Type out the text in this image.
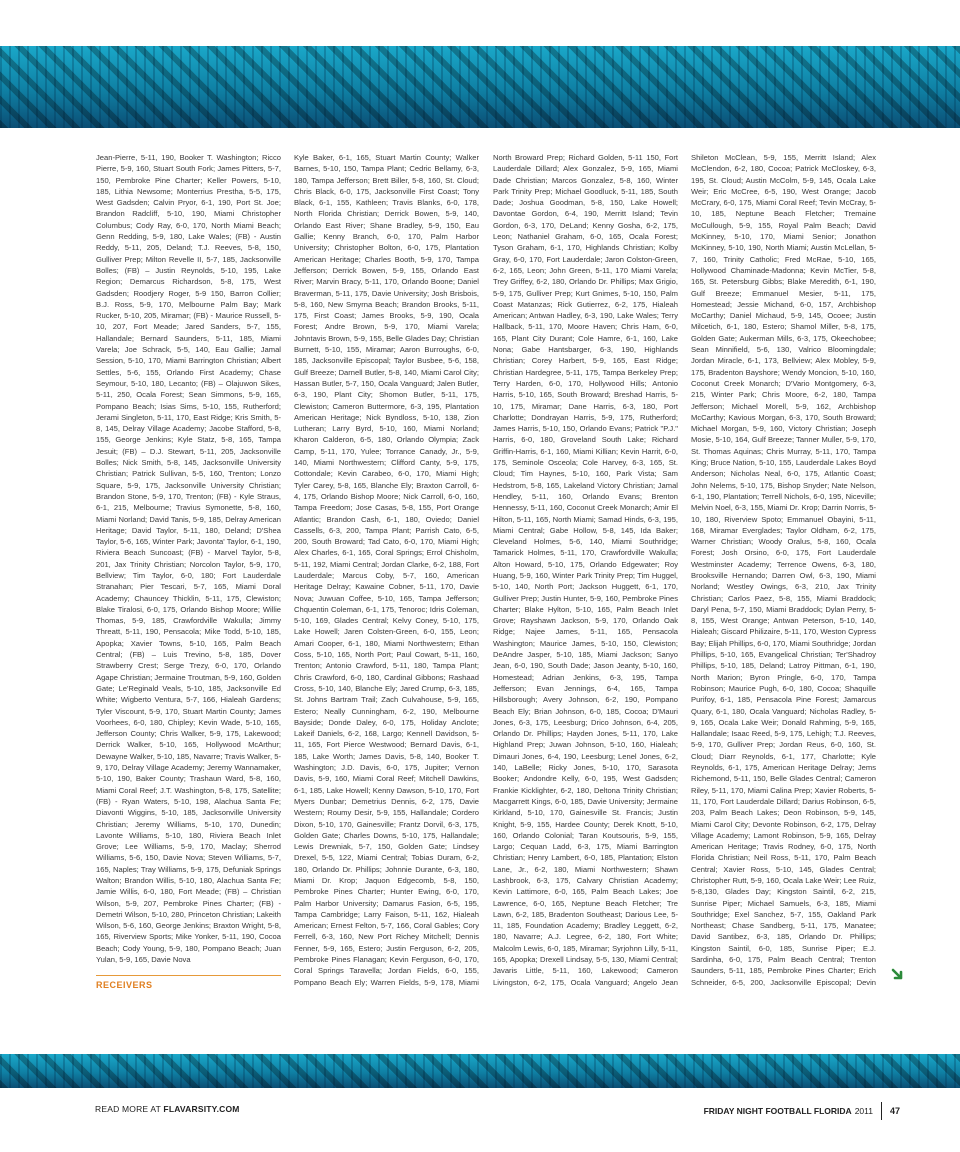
Jean-Pierre, 5-11, 190, Booker T. Washington; Ricco Pierre, 5-9, 160, Stuart South Fork; James Pitters, 5-7, 150, Pembroke Pine Charter; Keller Powers, 5-10, 185, Lithia Newsome; Monterrius Prestha, 5-5, 175, West Gadsden; Calvin Pryor, 6-1, 190, Port St. Joe; Brandon Radcliff, 5-10, 190, Miami Christopher Columbus; Cody Ray, 6-0, 170, North Miami Beach; Genn Redding, 5-9, 180, Lake Wales; (FB) - Austin Reddy, 5-11, 205, Deland; T.J. Reeves, 5-8, 150, Gulliver Prep; Milton Revelle II, 5-7, 185, Jacksonville Bolles; (FB) – Justin Reynolds, 5-10, 195, Lake Region; Demarcus Richardson, 5-8, 175, West Gadsden; Roodjery Roger, 5-9 150, Barron Collier; B.J. Ross, 5-9, 170, Melbourne Palm Bay; Mark Rucker, 5-10, 205, Miramar; (FB) - Maurice Russell, 5-10, 207, Fort Meade; Jared Sanders, 5-7, 155, Hallandale; Bernard Saunders, 5-11, 185, Miami Varela; Joe Schrack, 5-5, 140, Eau Gallie; Jamal Session, 5-10, 170, Miami Barrington Christian; Albert Settles, 5-6, 155, Orlando First Academy; Chase Seymour, 5-10, 180, Lecanto; (FB) – Olajuwon Sikes, 5-11, 250, Ocala Forest; Sean Simmons, 5-9, 165, Pompano Beach; Isias Sims, 5-10, 155, Rutherford; Jerami Singleton, 5-11, 170, East Ridge; Kris Smith, 5-8, 145, Delray Village Academy; Jacobe Stafford, 5-8, 155, George Jenkins; Kyle Statz, 5-8, 165, Tampa Jesuit; (FB) – D.J. Stewart, 5-11, 205, Jacksonville Bolles; Nick Smith, 5-8, 145, Jacksonville University Christian; Patrick Sullivan, 5-5, 160, Trenton; Lonzo Square, 5-9, 175, Jacksonville University Christian; Brandon Stone, 5-9, 170, Trenton; (FB) - Kyle Straus, 6-1, 215, Melbourne; Travius Symonette, 5-8, 160, Miami Norland; David Tanis, 5-9, 185, Delray American Heritage; David Taylor, 5-11, 180, Deland; D'Shea Taylor, 5-6, 165, Winter Park; Javonta' Taylor, 6-1, 190, Riviera Beach Suncoast; (FB) - Marvel Taylor, 5-8, 201, Jax Trinity Christian; Norcolon Taylor, 5-9, 170, Bellview; Tim Taylor, 6-0, 180; Fort Lauderdale Stranahan; Pier Tescari, 5-7, 165, Miami Doral Academy; Chauncey Thicklin, 5-11, 175, Clewiston; Blake Tiralosi, 6-0, 175, Orlando Bishop Moore; Willie Thomas, 5-9, 185, Crawfordville Wakulla; Jimmy Threatt, 5-11, 190, Pensacola; Mike Todd, 5-10, 185, Apopka; Xavier Towns, 5-10, 165, Palm Beach Central; (FB) – Luis Trevino, 5-8, 185, Dover Strawberry Crest; Serge Trezy, 6-0, 170, Orlando Agape Christian; Jermaine Troutman, 5-9, 160, Golden Gate; Le'Reginald Veals, 5-10, 185, Jacksonville Ed White; Wigberto Ventura, 5-7, 166, Hialeah Gardens; Tyler Viscount, 5-9, 170, Stuart Martin County; James Voorhees, 6-0, 180, Chipley; Kevin Wade, 5-10, 165, Jefferson County; Chris Walker, 5-9, 175, Lakewood; Derrick Walker, 5-10, 165, Hollywood McArthur; Dewayne Walker, 5-10, 185, Navarre; Travis Walker, 5-9, 170, Delray Village Academy; Jeremy Wannamaker, 5-10, 190, Baker County; Trashaun Ward, 5-8, 160, Miami Coral Reef; J.T. Washington, 5-8, 175, Satellite; (FB) - Ryan Waters, 5-10, 198, Alachua Santa Fe; Diavonti Wiggins, 5-10, 185, Jacksonville University Christian; Jeremy Williams, 5-10, 170, Dunedin; Lavonte Williams, 5-10, 180, Riviera Beach Inlet Grove; Lee Williams, 5-9, 170, Maclay; Sherrod Williams, 5-6, 150, Davie Nova; Steven Williams, 5-7, 165, Naples; Tray Williams, 5-9, 175, Defuniak Springs Walton; Brandon Willis, 5-10, 180, Alachua Santa Fe; Jamie Willis, 6-0, 180, Fort Meade; (FB) – Christian Wilson, 5-9, 207, Pembroke Pines Charter; (FB) - Demetri Wilson, 5-10, 280, Princeton Christian; Lakeith Wilson, 5-6, 160, George Jenkins; Braxton Wright, 5-8, 165, Riverview Sports; Mike Yonker, 5-11, 190, Cocoa Beach; Cody Young, 5-9, 180, Pompano Beach; Juan Yulan, 5-9, 165, Davie Nova

RECEIVERS

Kyle Baker, 6-1, 165, Stuart Martin County; Walker Barnes, 5-10, 150, Tampa Plant; Cedric Bellamy, 6-3, 180, Tampa Jefferson; Brett Biller, 5-8, 160, St. Cloud; Chris Black, 6-0, 175, Jacksonville First Coast; Tony Black, 6-1, 155, Kathleen; Travis Blanks, 6-0, 178, North Florida Christian; Derrick Bowen, 5-9, 140, Orlando East River; Shane Bradley, 5-9, 150, Eau Gallie; Kenny Branch, 6-0, 170, Palm Harbor University; Christopher Bolton, 6-0, 175, Plantation American Heritage; Charles Booth, 5-9, 170, Tampa Jefferson; Derrick Bowen, 5-9, 155, Orlando East River; Marvin Bracy, 5-11, 170, Orlando Boone; Daniel Braverman, 5-11, 175, Davie University; Josh Brisbois, 5-8, 160, New Smyrna Beach; Brandon Brooks, 5-11, 175, First Coast; James Brooks, 5-9, 190, Ocala Forest; Andre Brown, 5-9, 170, Miami Varela; Johntavis Brown, 5-9, 155, Belle Glades Day; Christian Burnett, 5-10, 155, Miramar; Aaron Burroughs, 6-0, 185, Jacksonville Episcopal; Taylor Busbee, 5-6, 158, Gulf Breeze; Darnell Butler, 5-8, 140, Miami Carol City; Hassan Butler, 5-7, 150, Ocala Vanguard; Jalen Butler, 6-3, 190, Plant City; Shomon Butler, 5-11, 175, Clewiston; Cameron Buttermore, 6-3, 195, Plantation American Heritage; Nick Byndloss, 5-10, 138, Zion Lutheran; Larry Byrd, 5-10, 160, Miami Norland; Kharon Calderon, 6-5, 180, Orlando Olympia; Zack Camp, 5-11, 170, Yulee; Torrance Canady, Jr., 5-9, 140, Miami Northwestern; Clifford Canty, 5-9, 175, Cottondale; Kevin Carabeo, 6-0, 170, Miami High; Tyler Carey, 5-8, 165, Blanche Ely; Braxton Carroll, 6-4, 175, Orlando Bishop Moore; Nick Carroll, 6-0, 160, Tampa Freedom; Jose Casas, 5-8, 155, Port Orange Atlantic; Brandon Cash, 6-1, 180, Oviedo; Daniel Cassells, 6-3, 200, Tampa Plant; Parrish Cato, 6-5, 200, South Broward; Tad Cato, 6-0, 170, Miami High; Alex Charles, 6-1, 165, Coral Springs; Errol Chisholm, 5-11, 192, Miami Central; Jordan Clarke, 6-2, 188, Fort Lauderdale; Marcus Coby, 5-7, 160, American Heritage Delray; Kawaine Cobner, 5-11, 170, Davie Nova; Juwuan Coffee, 5-10, 165, Tampa Jefferson; Chquentin Coleman, 6-1, 175, Tenoroc; Idris Coleman, 5-10, 169, Glades Central; Kelvy Coney, 5-10, 175, Lake Howell; Jaren Colsten-Green, 6-0, 155, Leon; Amari Cooper, 6-1, 180, Miami Northwestern; Ethan Coss, 5-10, 165, North Port; Paul Cowart, 5-11, 160, Trenton; Antonio Crawford, 5-11, 180, Tampa Plant; Chris Crawford, 6-0, 180, Cardinal Gibbons; Rashaad Cross, 5-10, 140, Blanche Ely; Jared Crump, 6-3, 185, St. Johns Bartram Trail; Zach Culvahouse, 5-9, 165, Estero; Neally Cunningham, 6-2, 190, Melbourne Bayside; Donde Daley, 6-0, 175, Holiday Anclote; Lakeif Daniels, 6-2, 168, Largo; Kennell Davidson, 5-11, 165, Fort Pierce Westwood; Bernard Davis, 6-1, 185, Lake Worth; James Davis, 5-8, 140, Booker T. Washington; J.D. Davis, 6-0, 175, Jupiter; Vernon Davis, 5-9, 160, Miami Coral Reef; Mitchell Dawkins, 6-1, 185, Lake Howell; Kenny Dawson, 5-10, 170, Fort Myers Dunbar; Demetrius Dennis, 6-2, 175, Davie Western; Roumy Desir, 5-9, 155, Hallandale; Cordero Dixon, 5-10, 170, Gainesville; Frantz Dorvil, 6-3, 175, Golden Gate; Charles Downs, 5-10, 175, Hallandale; Lewis Drewniak, 5-7, 150, Golden Gate; Lindsey Drexel, 5-5, 122, Miami Central; Tobias Duram, 6-2, 180, Orlando Dr. Phillips; Johnnie Durante, 6-3, 180, Miami Dr. Krop; Jaquon Edgecomb, 5-8, 150, Pembroke Pines Charter; Hunter Ewing, 6-0, 170, Palm Harbor University; Damarus Fasion, 6-5, 195, Tampa Cambridge; Larry Faison, 5-11, 162, Hialeah American; Ernest Felton, 5-7, 166, Coral Gables; Cory Ferrell, 6-3, 160, New Port Richey Mitchell; Dennis Fenner, 5-9, 165, Estero; Justin Ferguson, 6-2, 205, Pembroke Pines Flanagan; Kevin Ferguson, 6-0, 170, Coral Springs Taravella; Jordan Fields, 6-0, 155, Pompano Beach Ely; Warren Fields, 5-9, 178, Miami

North Broward Prep; Richard Golden, 5-11 150, Fort Lauderdale Dillard; Alex Gonzalez, 5-9, 165, Miami Dade Christian; Marcos Gonzalez, 5-8, 160, Winter Park Trinity Prep; Michael Goodluck, 5-11, 185, South Dade; Joshua Goodman, 5-8, 150, Lake Howell; Davontae Gordon, 6-4, 190, Merritt Island; Tevin Gordon, 6-3, 170, DeLand; Kenny Gosha, 6-2, 175, Leon; Nathaniel Graham, 6-0, 165, Ocala Forest; Tyson Graham, 6-1, 170, Highlands Christian; Kolby Gray, 6-0, 170, Fort Lauderdale; Jaron Colston-Green, 6-2, 165, Leon; John Green, 5-11, 170 Miami Varela; Trey Griffey, 6-2, 180, Orlando Dr. Phillips; Max Grigio, 5-9, 175, Gulliver Prep; Kurt Gnimes, 5-10, 150, Palm Coast Matanzas; Rick Gutierrez, 6-2, 175, Hialeah American; Antwan Hadley, 6-3, 190, Lake Wales; Terry Hallback, 5-11, 170, Moore Haven; Chris Ham, 6-0, 165, Plant City Durant; Cole Hamre, 6-1, 160, Lake Nona; Gabe Hantsbarger, 6-3, 190, Highlands Christian; Corey Harbert, 5-9, 165, East Ridge; Christian Hardegree, 5-11, 175, Tampa Berkeley Prep; Terry Harden, 6-0, 170, Hollywood Hills; Antonio Harris, 5-10, 165, South Broward; Breshad Harris, 5-10, 175, Miramar; Dane Harris, 6-3, 180, Port Charlotte; Dondrayan Harris, 5-9, 175, Rutherford; James Harris, 5-10, 150, Orlando Evans; Patrick "P.J." Harris, 6-0, 180, Groveland South Lake; Richard Griffin-Harris, 6-1, 160, Miami Killian; Kevin Harrit, 6-0, 175, Seminole Osceola; Cole Harvey, 6-3, 165, St. Cloud; Tim Haynes, 5-10, 160, Park Vista; Sam Hedstrom, 5-8, 165, Lakeland Victory Christian; Jamal Hendley, 5-11, 160, Orlando Evans; Brenton Hennessy, 5-11, 160, Coconut Creek Monarch; Amir El Hilton, 5-11, 165, North Miami; Samad Hinds, 6-3, 195, Miami Central; Gabe Hollow, 5-8, 145, Ida Baker; Cleveland Holmes, 5-6, 140, Miami Southridge; Tamarick Holmes, 5-11, 170, Crawfordville Wakulla; Alton Howard, 5-10, 175, Orlando Edgewater; Roy Huang, 5-9, 160, Winter Park Trinity Prep; Tim Huggel, 5-10, 140, North Port; Jackson Huggett, 6-1, 170, Gulliver Prep; Justin Hunter, 5-9, 160, Pembroke Pines Charter; Blake Hylton, 5-10, 165, Palm Beach Inlet Grove; Rayshawn Jackson, 5-9, 170, Orlando Oak Ridge; Najee James, 5-11, 165, Pensacola Washington; Maurice James, 5-10, 150, Clewiston; DeAndre Jasper, 5-10, 185, Miami Jackson; Sanyo Jean, 6-0, 190, South Dade; Jason Jeanty, 5-10, 160, Homestead; Adrian Jenkins, 6-3, 195, Tampa Jefferson; Evan Jennings, 6-4, 165, Tampa Hillsborough; Avery Johnson, 6-2, 190, Pompano Beach Ely; Brian Johnson, 6-0, 185, Cocoa; D'Mauri Jones, 6-3, 175, Leesburg; Drico Johnson, 6-4, 205, Orlando Dr. Phillips; Hayden Jones, 5-11, 170, Lake Highland Prep; Juwan Johnson, 5-10, 160, Hialeah; Dimauri Jones, 6-4, 190, Leesburg; Lenel Jones, 6-2, 140, LaBelle; Ricky Jones, 5-10, 170, Sarasota Booker; Andondre Kelly, 6-0, 195, West Gadsden; Frankie Kicklighter, 6-2, 180, Deltona Trinity Christian; Macgarrett Kings, 6-0, 185, Davie University; Jermaine Kirkland, 5-10, 170, Gainesville St. Francis; Justin Knight, 5-9, 155, Hardee County; Derek Knott, 5-10, 160, Orlando Colonial; Taran Koutsouris, 5-9, 155, Largo; Cequan Ladd, 6-3, 175, Miami Barrington Christian; Henry Lambert, 6-0, 185, Plantation; Elston Lane, Jr., 6-2, 180, Miami Northwestern; Shawn Lashbrook, 6-3, 175, Calvary Christian Academy; Kevin Lattimore, 6-0, 165, Palm Beach Lakes; Joe Lawrence, 6-0, 165, Neptune Beach Fletcher; Tre Lawn, 6-2, 185, Bradenton Southeast; Darious Lee, 5-11, 185, Foundation Academy; Bradley Leggett, 6-2, 180, Navarre; A.J. Legree, 6-2, 180, Fort White; Malcolm Lewis, 6-0, 185, Miramar; Syrjohnn Lilly, 5-11, 165, Apopka; Drexell Lindsay, 5-5, 130, Miami Central; Javaris Little, 5-11, 160, Lakewood; Cameron Livingston, 6-2, 175, Ocala Vanguard; Angelo Jean

Shileton McClean, 5-9, 155, Merritt Island; Alex McClendon, 6-2, 180, Cocoa; Patrick McCloskey, 6-3, 195, St. Cloud; Austin McColm, 5-9, 145, Ocala Lake Weir; Eric McCree, 6-5, 190, West Orange; Jacob McCrary, 6-0, 175, Miami Coral Reef; Tevin McCray, 5-10, 185, Neptune Beach Fletcher; Tremaine McCullough, 5-9, 155, Royal Palm Beach; David McKinney, 5-10, 170, Miami Senior; Jonathon McKinney, 5-10, 190, North Miami; Austin McLellan, 5-7, 160, Trinity Catholic; Fred McRae, 5-10, 165, Hollywood Chaminade-Madonna; Kevin McTier, 5-8, 165, St. Petersburg Gibbs; Blake Meredith, 6-1, 190, Gulf Breeze; Emmanuel Mesier, 5-11, 175, Homestead; Jessie Michand, 6-0, 157, Archbishop McCarthy; Daniel Michaud, 5-9, 145, Ocoee; Justin Milcetich, 6-1, 180, Estero; Shamol Miller, 5-8, 175, Golden Gate; Aukerman Mills, 6-3, 175, Okeechobee; Sean Minnifield, 5-6, 130, Valrico Bloomingdale; Jordan Miracle, 6-1, 173, Bellview; Alex Mobley, 5-9, 175, Bradenton Bayshore; Wendy Moncion, 5-10, 160, Coconut Creek Monarch; D'Vario Montgomery, 6-3, 215, Winter Park; Chris Moore, 6-2, 180, Tampa Jefferson; Michael Morell, 5-9, 162, Archbishop McCarthy; Kavious Morgan, 6-3, 170, South Broward; Michael Morgan, 5-9, 160, Victory Christian; Joseph Mosie, 5-10, 164, Gulf Breeze; Tanner Muller, 5-9, 170, St. Thomas Aquinas; Chris Murray, 5-11, 170, Tampa King; Bruce Nation, 5-10, 155, Lauderdale Lakes Boyd Anderson; Nicholas Neal, 6-0, 175, Atlantic Coast; John Nelems, 5-10, 175, Bishop Snyder; Nate Nelson, 6-1, 190, Plantation; Terrell Nichols, 6-0, 195, Niceville; Melvin Noel, 6-3, 155, Miami Dr. Krop; Darrin Norris, 5-10, 180, Riverview Spoto; Emmanuel Obayini, 5-11, 168, Miramar Everglades; Taylor Oldham, 6-2, 175, Warner Christian; Woody Oralus, 5-8, 160, Ocala Forest; Josh Orsino, 6-0, 175, Fort Lauderdale Westminster Academy; Terrence Owens, 6-3, 180, Brooksville Hernando; Darren Owl, 6-3, 190, Miami Norland; Westley Owings, 6-3, 210, Jax Trinity Christian; Carlos Paez, 5-8, 155, Miami Braddock; Daryl Pena, 5-7, 150, Miami Braddock; Dylan Perry, 5-8, 155, West Orange; Antwan Peterson, 5-10, 140, Hialeah; Giscard Philizaire, 5-11, 170, Weston Cypress Bay; Elijah Phillips, 6-0, 170, Miami Southridge; Jordan Phillips, 5-10, 165, Evangelical Christian; Ter'Shadroy Phillips, 5-10, 185, Deland; Latroy Pittman, 6-1, 190, North Marion; Byron Pringle, 6-0, 170, Tampa Robinson; Maurice Pugh, 6-0, 180, Cocoa; Shaquille Purifoy, 6-1, 185, Pensacola Pine Forest; Jamarcus Quary, 6-1, 180, Ocala Vanguard; Nicholas Radley, 5-9, 165, Ocala Lake Weir; Donald Rahming, 5-9, 165, Hallandale; Isaac Reed, 5-9, 175, Lehigh; T.J. Reeves, 5-9, 170, Gulliver Prep; Jordan Reus, 6-0, 160, St. Cloud; Diarr Reynolds, 6-1, 177, Charlotte; Kyle Reynolds, 6-1, 175, American Heritage Delray; Jems Richemond, 5-11, 150, Belle Glades Central; Cameron Riley, 5-11, 170, Miami Calina Prep; Xavier Roberts, 5-11, 170, Fort Lauderdale Dillard; Darius Robinson, 6-5, 203, Palm Beach Lakes; Deon Robinson, 5-9, 145, Miami Carol City; Devonte Robinson, 6-2, 175, Delray Village Academy; Lamont Robinson, 5-9, 165, Delray American Heritage; Travis Rodney, 6-0, 175, North Florida Christian; Neil Ross, 5-11, 170, Palm Beach Central; Xavier Ross, 5-10, 145, Glades Central; Christopher Rutt, 5-9, 160, Ocala Lake Weir; Lee Ruiz, 5-8,130, Glades Day; Kingston Saintil, 6-2, 215, Sunrise Piper; Michael Samuels, 6-3, 185, Miami Southridge; Exel Sanchez, 5-7, 155, Oakland Park Northeast; Chase Sandberg, 5-11, 175, Manatee; David Santibez, 6-3, 185, Orlando Dr. Phillips; Kingston Saintil, 6-0, 185, Sunrise Piper; E.J. Sardinha, 6-0, 175, Palm Beach Central; Trenton Saunders, 5-11, 185, Pembroke Pines Charter; Erich Schneider, 6-5, 200, Jacksonville Episcopal; Devin

READ MORE AT FLAVARSITY.COM	FRIDAY NIGHT FOOTBALL FLORIDA 2011 47
